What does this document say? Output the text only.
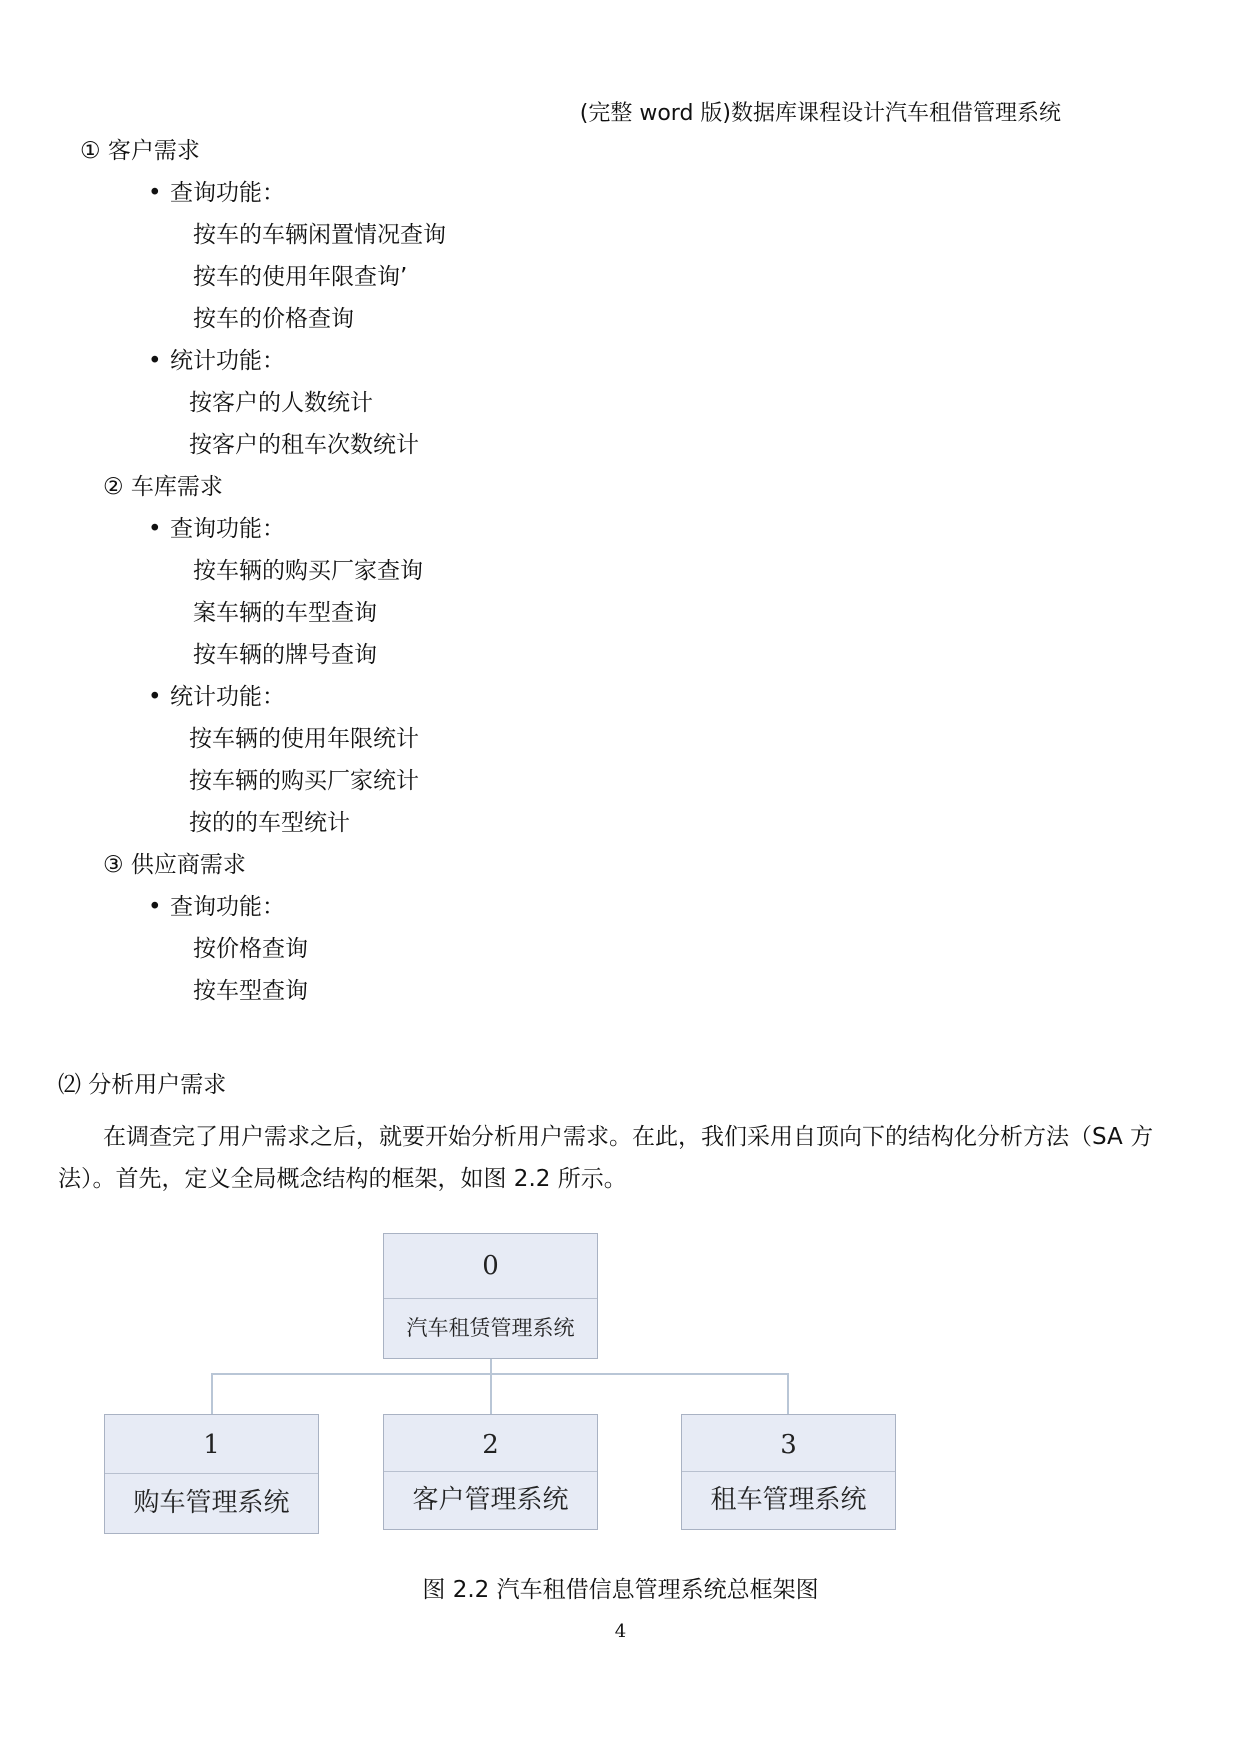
(完整 word 版)数据库课程设计汽车租借管理系统
① 客户需求
• 查询功能：
按车的车辆闲置情况查询
按车的使用年限查询’
按车的价格查询
• 统计功能：
按客户的人数统计
按客户的租车次数统计
② 车库需求
• 查询功能：
按车辆的购买厂家查询
案车辆的车型查询
按车辆的牌号查询
• 统计功能：
按车辆的使用年限统计
按车辆的购买厂家统计
按的的车型统计
③ 供应商需求
• 查询功能：
按价格查询
按车型查询
⑵ 分析用户需求
在调查完了用户需求之后，就要开始分析用户需求。在此，我们采用自顶向下的结构化分析方法（SA 方法）。首先，定义全局概念结构的框架，如图 2.2 所示。
0
汽车租赁管理系统
1
购车管理系统
2
客户管理系统
3
租车管理系统
图 2.2 汽车租借信息管理系统总框架图
4
